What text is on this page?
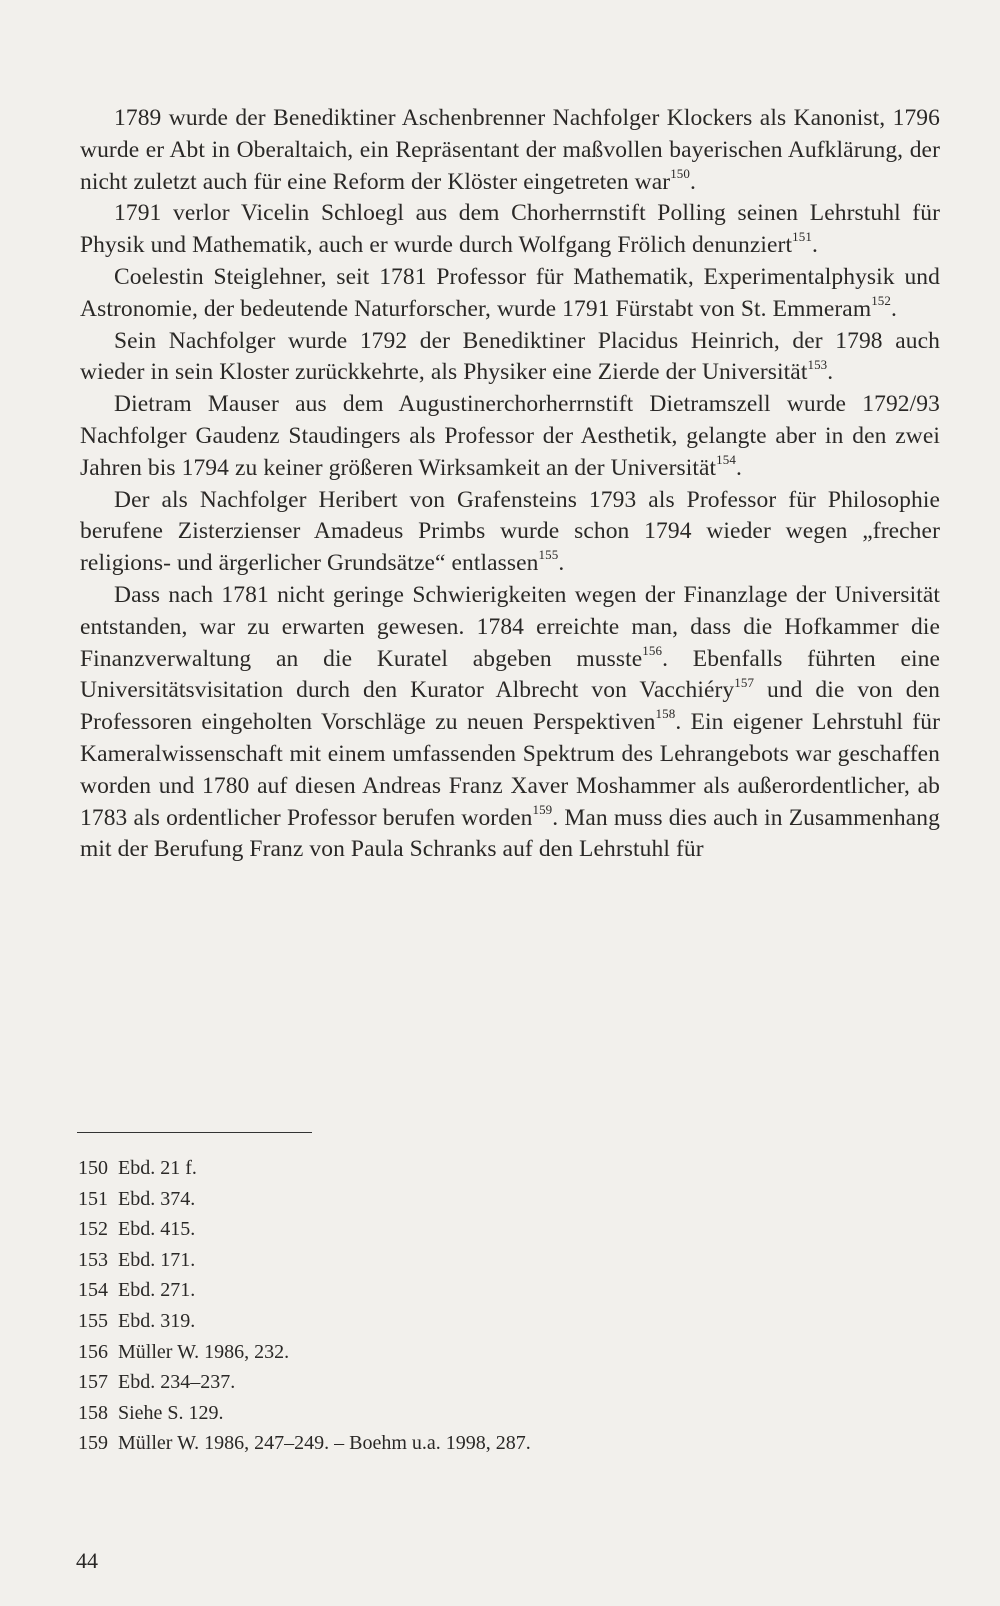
1789 wurde der Benediktiner Aschenbrenner Nachfolger Klockers als Kanonist, 1796 wurde er Abt in Oberaltaich, ein Repräsentant der maßvollen bayerischen Aufklärung, der nicht zuletzt auch für eine Reform der Klöster eingetreten war$^{150}$.

1791 verlor Vicelin Schloegl aus dem Chorherrnstift Polling seinen Lehrstuhl für Physik und Mathematik, auch er wurde durch Wolfgang Frölich denunziert$^{151}$.

Coelestin Steiglehner, seit 1781 Professor für Mathematik, Experimentalphysik und Astronomie, der bedeutende Naturforscher, wurde 1791 Fürstabt von St. Emmeram$^{152}$.

Sein Nachfolger wurde 1792 der Benediktiner Placidus Heinrich, der 1798 auch wieder in sein Kloster zurückkehrte, als Physiker eine Zierde der Universität$^{153}$.

Dietram Mauser aus dem Augustinerchorherrnstift Dietramszell wurde 1792/93 Nachfolger Gaudenz Staudingers als Professor der Aesthetik, gelangte aber in den zwei Jahren bis 1794 zu keiner größeren Wirksamkeit an der Universität$^{154}$.

Der als Nachfolger Heribert von Grafensteins 1793 als Professor für Philosophie berufene Zisterzienser Amadeus Primbs wurde schon 1794 wieder wegen „frecher religions- und ärgerlicher Grundsätze“ entlassen$^{155}$.

Dass nach 1781 nicht geringe Schwierigkeiten wegen der Finanzlage der Universität entstanden, war zu erwarten gewesen. 1784 erreichte man, dass die Hofkammer die Finanzverwaltung an die Kuratel abgeben musste$^{156}$. Ebenfalls führten eine Universitätsvisitation durch den Kurator Albrecht von Vacchiéry$^{157}$ und die von den Professoren eingeholten Vorschläge zu neuen Perspektiven$^{158}$. Ein eigener Lehrstuhl für Kameralwissenschaft mit einem umfassenden Spektrum des Lehrangebots war geschaffen worden und 1780 auf diesen Andreas Franz Xaver Moshammer als außerordentlicher, ab 1783 als ordentlicher Professor berufen worden$^{159}$. Man muss dies auch in Zusammenhang mit der Berufung Franz von Paula Schranks auf den Lehrstuhl für

150 Ebd. 21 f.
151 Ebd. 374.
152 Ebd. 415.
153 Ebd. 171.
154 Ebd. 271.
155 Ebd. 319.
156 Müller W. 1986, 232.
157 Ebd. 234–237.
158 Siehe S. 129.
159 Müller W. 1986, 247–249. – Boehm u.a. 1998, 287.
44
